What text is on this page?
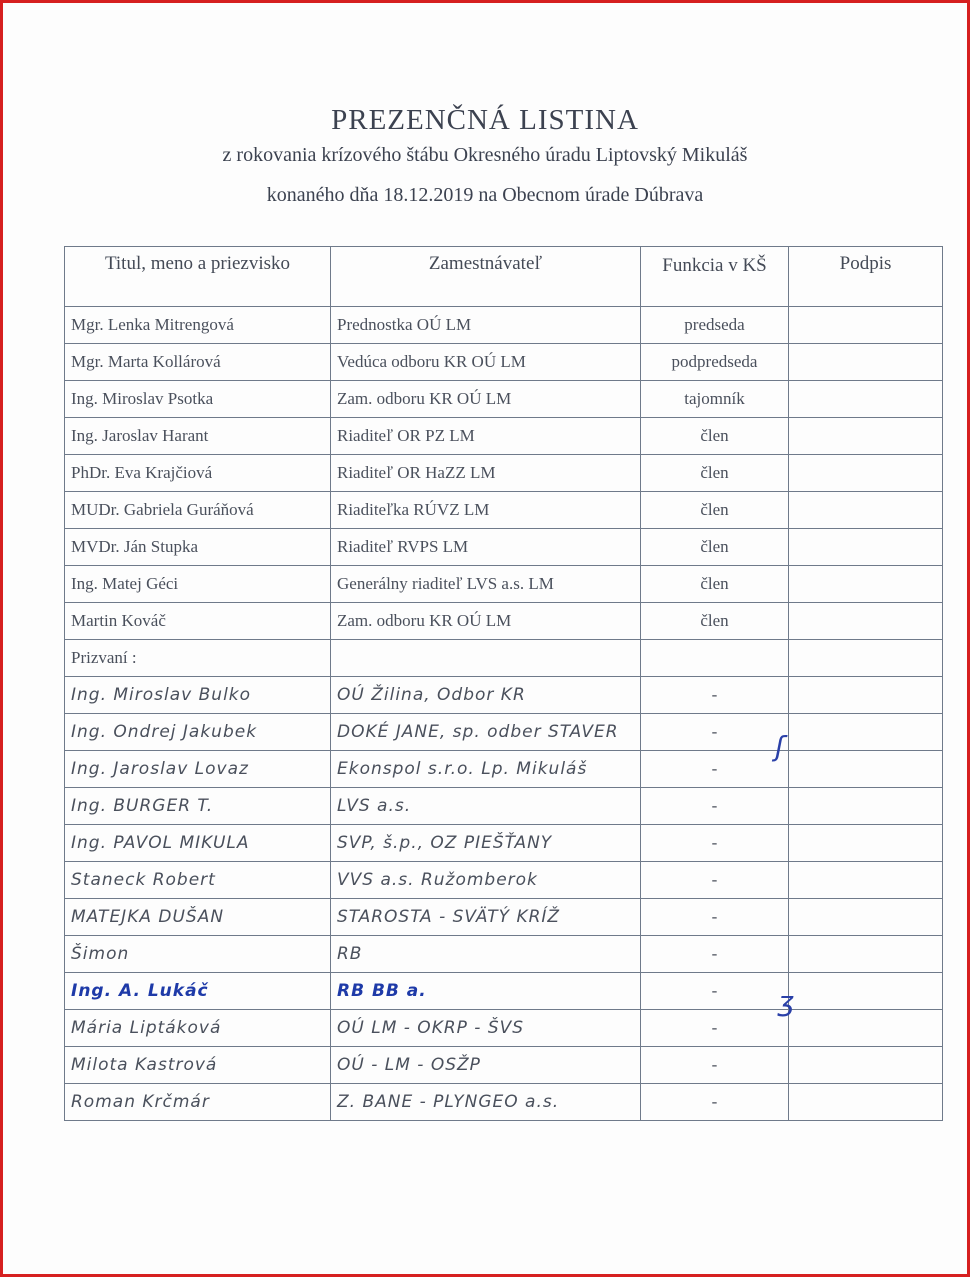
PREZENČNÁ LISTINA
z rokovania krízového štábu Okresného úradu Liptovský Mikuláš
konaného dňa 18.12.2019 na Obecnom úrade Dúbrava
Titul, meno a priezvisko	Zamestnávateľ	Funkcia v KŠ	Podpis
Mgr. Lenka Mitrengová	Prednostka OÚ LM	predseda	
Mgr. Marta Kollárová	Vedúca odboru KR OÚ LM	podpredseda	
Ing. Miroslav Psotka	Zam. odboru KR OÚ LM	tajomník	
Ing. Jaroslav Harant	Riaditeľ OR PZ LM	člen	
PhDr. Eva Krajčiová	Riaditeľ OR HaZZ LM	člen	
MUDr. Gabriela Guráňová	Riaditeľka RÚVZ LM	člen	
MVDr. Ján Stupka	Riaditeľ RVPS LM	člen	
Ing. Matej Géci	Generálny riaditeľ LVS a.s. LM	člen	
Martin Kováč	Zam. odboru KR OÚ LM	člen	
Prizvaní :			
Ing. Miroslav Bulko	OÚ Žilina, Odbor KR	-	
Ing. Ondrej Jakubek	DOKÉ JANE, sp. odber STAVER	-	
Ing. Jaroslav Lovaz	Ekonspol s.r.o. Lp. Mikuláš	-	
Ing. BURGER T.	LVS a.s.	-	
Ing. PAVOL MIKULA	SVP, š.p., OZ PIEŠŤANY	-	
Staneck Robert	VVS a.s. Ružomberok	-	
MATEJKA DUŠAN	STAROSTA - SVÄTÝ KRÍŽ	-	
Šimon	RB	-	
Ing. A. Lukáč	RB BB a.	-	
Mária Liptáková	OÚ LM - OKRP - ŠVS	-	
Milota Kastrová	OÚ - LM - OSŽP	-	
Roman Krčmár	Z. BANE - PLYNGEO a.s.	-	
ʃ
ʒ
